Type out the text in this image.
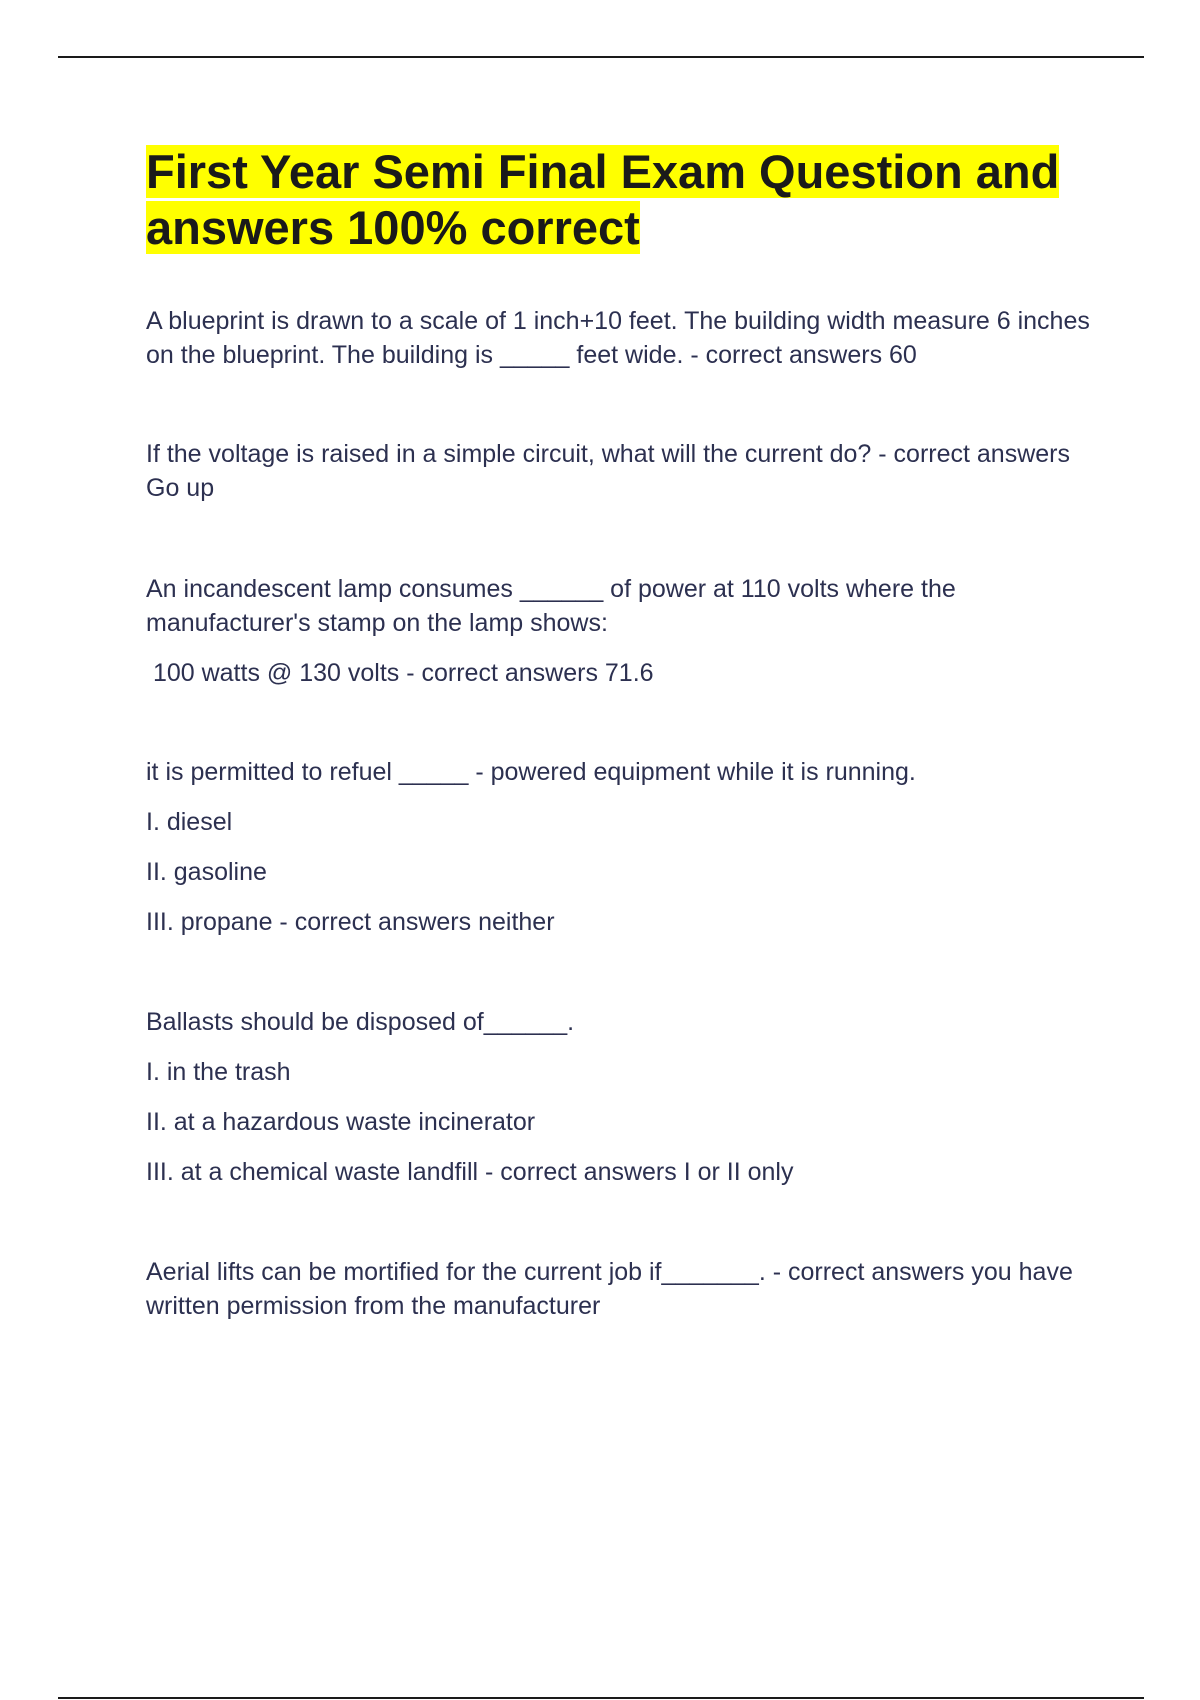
First Year Semi Final Exam Question and answers 100% correct

A blueprint is drawn to a scale of 1 inch+10 feet. The building width measure 6 inches on the blueprint. The building is _____ feet wide. - correct answers 60

If the voltage is raised in a simple circuit, what will the current do? - correct answers Go up

An incandescent lamp consumes ______ of power at 110 volts where the manufacturer's stamp on the lamp shows:

100 watts @ 130 volts - correct answers 71.6

it is permitted to refuel _____ - powered equipment while it is running.

I. diesel

II. gasoline

III. propane - correct answers neither

Ballasts should be disposed of______.

I. in the trash

II. at a hazardous waste incinerator

III. at a chemical waste landfill - correct answers I or II only

Aerial lifts can be mortified for the current job if_______. - correct answers you have written permission from the manufacturer
